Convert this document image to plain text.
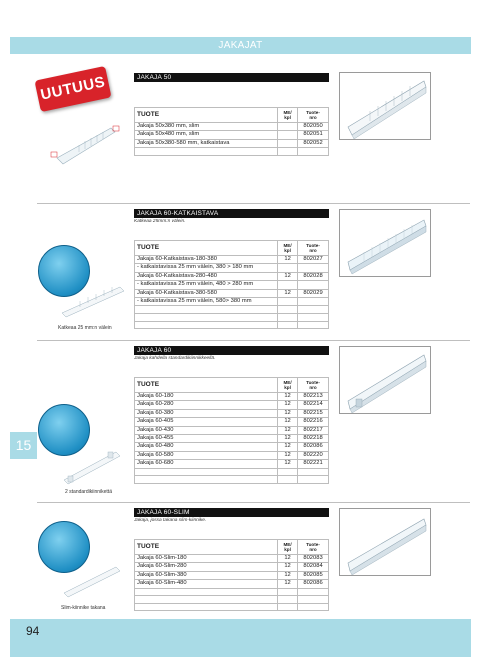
JAKAJAT
UUTUUS	JAKAJA 50
TUOTE	ME/
kpl	Tuote-
nro
Jakaja 50x380 mm, slim		802050
Jakaja 50x480 mm, slim		802051
Jakaja 50x380-580 mm, katkaistava		802052

JAKAJA 60-KATKAISTAVA
Katkeaa 25mm:n välein.
TUOTE	ME/
kpl	Tuote-
nro
Jakaja 60-Katkaistava-180-380	12	802027
- katkaistavissa 25 mm välein, 380 > 180 mm		
Jakaja 60-Katkaistava-280-480	12	802028
- katkaistavissa 25 mm välein, 480 > 280 mm		
Jakaja 60-Katkaistava-380-580	12	802029
- katkaistavissa 25 mm välein, 580> 380 mm		

JAKAJA 60
Jakaja kahdella standardikiinnikkeellä.
TUOTE	ME/
kpl	Tuote-
nro
Jakaja 60-180	12	802213
Jakaja 60-280	12	802214
Jakaja 60-380	12	802215
Jakaja 60-405	12	802216
Jakaja 60-430	12	802217
Jakaja 60-455	12	802218
Jakaja 60-480	12	802086
Jakaja 60-580	12	802220
Jakaja 60-680	12	802221

JAKAJA 60-SLIM
Jakaja, jossa takana slim-kiinnike.
TUOTE	ME/
kpl	Tuote-
nro
Jakaja 60-Slim-180	12	802083
Jakaja 60-Slim-280	12	802084
Jakaja 60-Slim-380	12	802085
Jakaja 60-Slim-480	12	802086

Katkeaa 25 mm:n välein
2 standardikiinnikettä
Slim-kiinnike takana
15
94
